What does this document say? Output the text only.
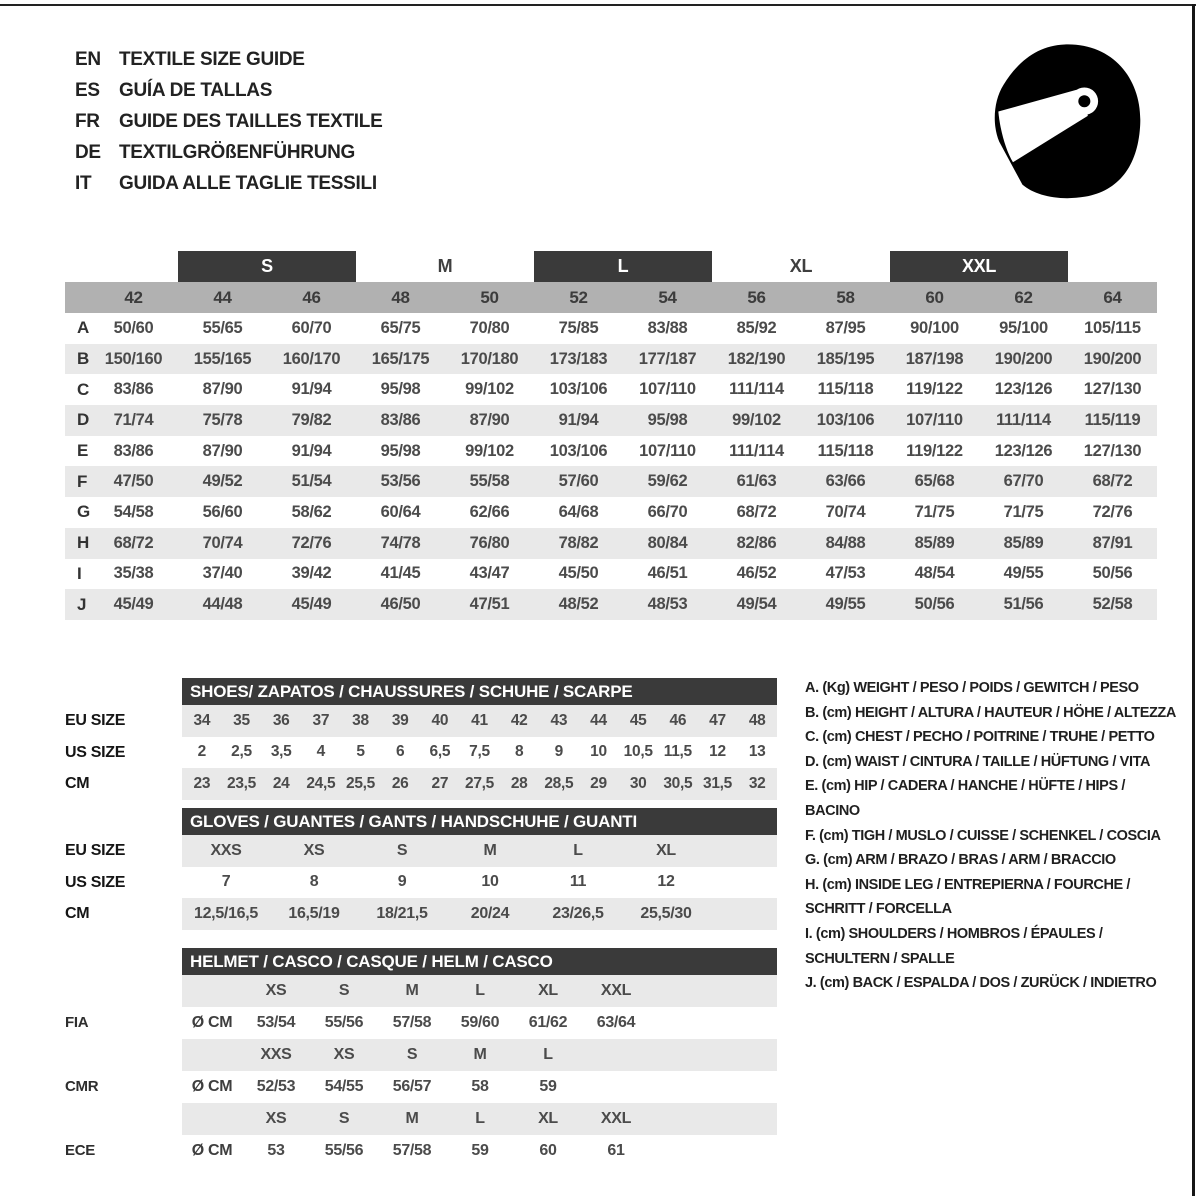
EN TEXTILE SIZE GUIDE
ES	GUÍA DE TALLAS
FR	GUIDE DES TAILLES TEXTILE
DE TEXTILGRÖßENFÜHRUNG
IT	GUIDA ALLE TAGLIE TESSILI
S	M	L	XL	XXL
42	44	46	48	50	52	54	56	58	60	62	64
A	50/60	55/65	60/70	65/75	70/80	75/85	83/88	85/92	87/95	90/100	95/100	105/115
B 150/160	155/165	160/170	165/175	170/180	173/183	177/187	182/190	185/195	187/198	190/200	190/200
C	83/86	87/90	91/94	95/98	99/102	103/106	107/110	111/114	115/118	119/122	123/126	127/130
D	71/74	75/78	79/82	83/86	87/90	91/94	95/98	99/102	103/106	107/110	111/114	115/119
E	83/86	87/90	91/94	95/98	99/102	103/106	107/110	111/114	115/118	119/122	123/126	127/130
F	47/50	49/52	51/54	53/56	55/58	57/60	59/62	61/63	63/66	65/68	67/70	68/72
G	54/58	56/60	58/62	60/64	62/66	64/68	66/70	68/72	70/74	71/75	71/75	72/76
H	68/72	70/74	72/76	74/78	76/80	78/82	80/84	82/86	84/88	85/89	85/89	87/91
I	35/38	37/40	39/42	41/45	43/47	45/50	46/51	46/52	47/53	48/54	49/55	50/56
J	45/49	44/48	45/49	46/50	47/51	48/52	48/53	49/54	49/55	50/56	51/56	52/58
EU SIZE
US SIZE
CM
SHOES/ ZAPATOS / CHAUSSURES / SCHUHE / SCARPE
34	35	36	37	38	39	40	41	42	43	44	45	46	47	48
2	2,5	3,5	4	5	6	6,5	7,5	8	9	10	10,5 11,5	12	13
23	23,5	24	24,5 25,5	26	27	27,5	28	28,5	29	30	30,5 31,5	32
EU SIZE
US SIZE
CM
GLOVES / GUANTES / GANTS / HANDSCHUHE / GUANTI
XXS	XS	S	M	L	XL
7	8	9	10	11	12
12,5/16,5	16,5/19	18/21,5	20/24	23/26,5	25,5/30
FIA
CMR
ECE
HELMET / CASCO / CASQUE / HELM / CASCO
XS	S	M	L	XL	XXL
Ø CM	53/54	55/56	57/58	59/60	61/62	63/64
XXS	XS	S	M	L
Ø CM	52/53	54/55	56/57	58	59
XS	S	M	L	XL	XXL
Ø CM	53	55/56	57/58	59	60	61
A. (Kg) WEIGHT / PESO / POIDS / GEWITCH / PESO
B. (cm) HEIGHT / ALTURA / HAUTEUR / HÖHE / ALTEZZA
C. (cm) CHEST / PECHO / POITRINE / TRUHE / PETTO
D. (cm) WAIST / CINTURA / TAILLE / HÜFTUNG / VITA
E. (cm) HIP / CADERA / HANCHE / HÜFTE / HIPS / BACINO
F. (cm) TIGH / MUSLO / CUISSE / SCHENKEL / COSCIA
G. (cm) ARM / BRAZO / BRAS / ARM / BRACCIO
H. (cm) INSIDE LEG / ENTREPIERNA / FOURCHE / SCHRITT / FORCELLA
I. (cm) SHOULDERS / HOMBROS / ÉPAULES / SCHULTERN / SPALLE
J. (cm) BACK / ESPALDA / DOS / ZURÜCK / INDIETRO
